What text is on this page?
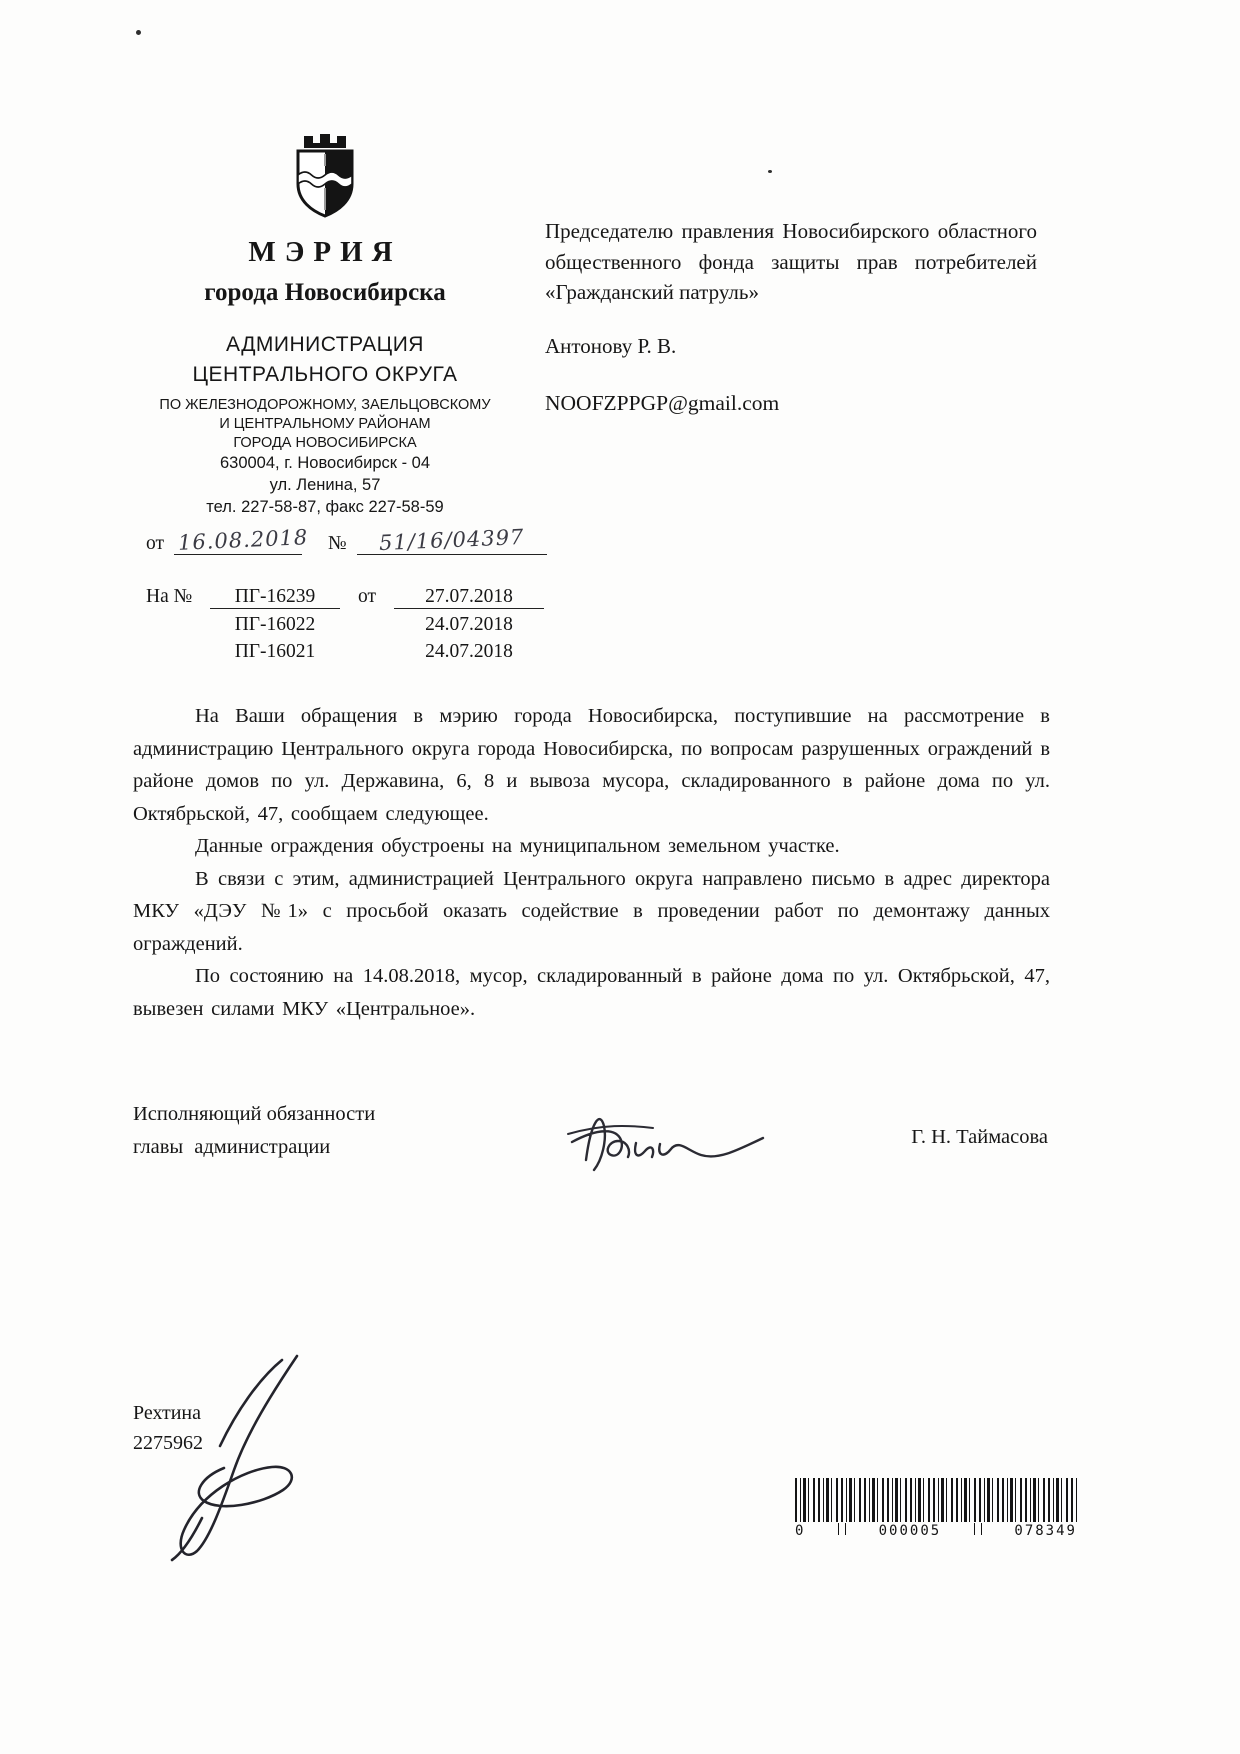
МЭРИЯ

города Новосибирска

АДМИНИСТРАЦИЯ

ЦЕНТРАЛЬНОГО ОКРУГА

ПО ЖЕЛЕЗНОДОРОЖНОМУ, ЗАЕЛЬЦОВСКОМУ

И ЦЕНТРАЛЬНОМУ РАЙОНАМ

ГОРОДА НОВОСИБИРСКА

630004, г. Новосибирск - 04

ул. Ленина, 57

тел. 227-58-87, факс 227-58-59

Председателю правления Новосибирского областного общественного фонда защиты прав потребителей «Гражданский патруль»

Антонову Р. В.

NOOFZPPGP@gmail.com

от 16.08.2018 №	51/16/04397
На №	ПГ-16239	от	27.07.2018
ПГ-16022	24.07.2018
ПГ-16021	24.07.2018

На Ваши обращения в мэрию города Новосибирска, поступившие на рассмотрение в администрацию Центрального округа города Новосибирска, по вопросам разрушенных ограждений в районе домов по ул. Державина, 6, 8 и вывоза мусора, складированного в районе дома по ул. Октябрьской, 47, сообщаем следующее.

Данные ограждения обустроены на муниципальном земельном участке.

В связи с этим, администрацией Центрального округа направлено письмо в адрес директора МКУ «ДЭУ №1» с просьбой оказать содействие в проведении работ по демонтажу данных ограждений.

По состоянию на 14.08.2018, мусор, складированный в районе дома по ул. Октябрьской, 47, вывезен силами МКУ «Центральное».

Исполняющий обязанности
главы администрации	Г. Н. Таймасова
Рехтина
2275962
0	000005	078349
